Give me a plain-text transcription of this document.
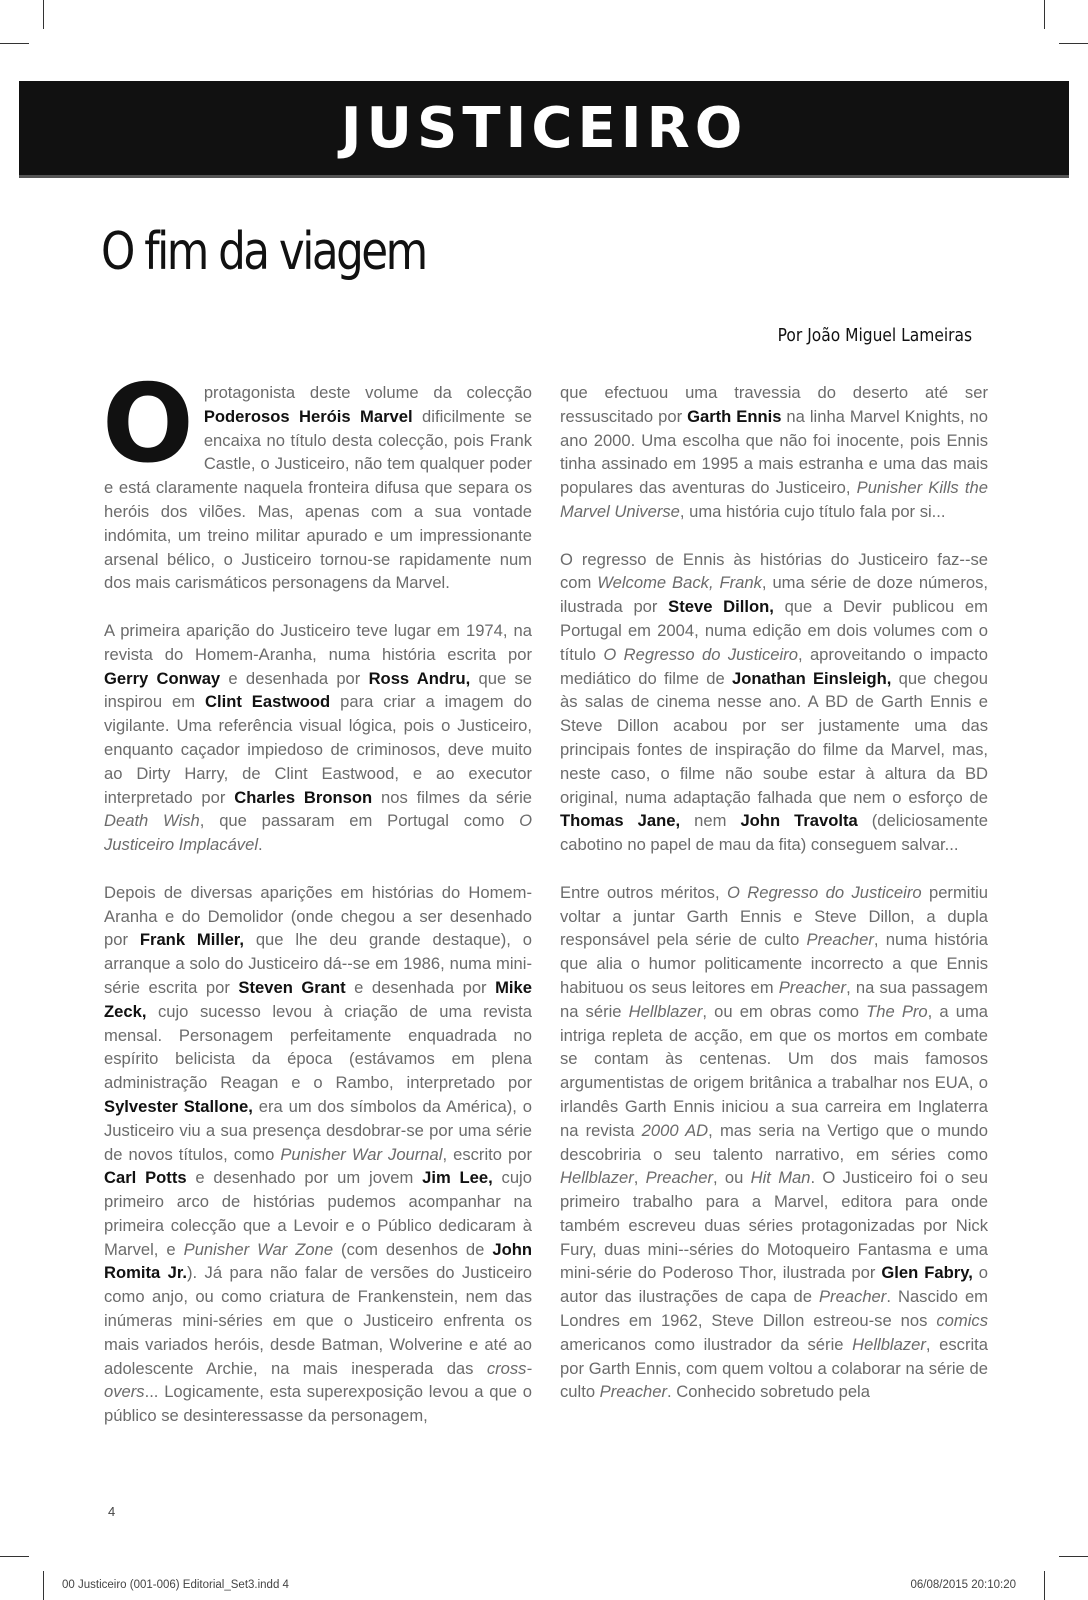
JUSTICEIRO
O fim da viagem
Por João Miguel Lameiras
O protagonista deste volume da colecção Poderosos Heróis Marvel dificilmente se encaixa no título desta colecção, pois Frank Castle, o Justiceiro, não tem qualquer poder e está claramente naquela fronteira difusa que separa os heróis dos vilões. Mas, apenas com a sua vontade indómita, um treino militar apurado e um impressionante arsenal bélico, o Justiceiro tornou-se rapidamente num dos mais carismáticos personagens da Marvel.

A primeira aparição do Justiceiro teve lugar em 1974, na revista do Homem-Aranha, numa história escrita por Gerry Conway e desenhada por Ross Andru, que se inspirou em Clint Eastwood para criar a imagem do vigilante. Uma referência visual lógica, pois o Justiceiro, enquanto caçador impiedoso de criminosos, deve muito ao Dirty Harry, de Clint Eastwood, e ao executor interpretado por Charles Bronson nos filmes da série Death Wish, que passaram em Portugal como O Justiceiro Implacável.

Depois de diversas aparições em histórias do Homem-Aranha e do Demolidor (onde chegou a ser desenhado por Frank Miller, que lhe deu grande destaque), o arranque a solo do Justiceiro dá--se em 1986, numa mini-série escrita por Steven Grant e desenhada por Mike Zeck, cujo sucesso levou à criação de uma revista mensal. Personagem perfeitamente enquadrada no espírito belicista da época (estávamos em plena administração Reagan e o Rambo, interpretado por Sylvester Stallone, era um dos símbolos da América), o Justiceiro viu a sua presença desdobrar-se por uma série de novos títulos, como Punisher War Journal, escrito por Carl Potts e desenhado por um jovem Jim Lee, cujo primeiro arco de histórias pudemos acompanhar na primeira colecção que a Levoir e o Público dedicaram à Marvel, e Punisher War Zone (com desenhos de John Romita Jr.). Já para não falar de versões do Justiceiro como anjo, ou como criatura de Frankenstein, nem das inúmeras mini-séries em que o Justiceiro enfrenta os mais variados heróis, desde Batman, Wolverine e até ao adolescente Archie, na mais inesperada das cross-overs... Logicamente, esta superexposição levou a que o público se desinteressasse da personagem,

que efectuou uma travessia do deserto até ser ressuscitado por Garth Ennis na linha Marvel Knights, no ano 2000. Uma escolha que não foi inocente, pois Ennis tinha assinado em 1995 a mais estranha e uma das mais populares das aventuras do Justiceiro, Punisher Kills the Marvel Universe, uma história cujo título fala por si...

O regresso de Ennis às histórias do Justiceiro faz--se com Welcome Back, Frank, uma série de doze números, ilustrada por Steve Dillon, que a Devir publicou em Portugal em 2004, numa edição em dois volumes com o título O Regresso do Justiceiro, aproveitando o impacto mediático do filme de Jonathan Einsleigh, que chegou às salas de cinema nesse ano. A BD de Garth Ennis e Steve Dillon acabou por ser justamente uma das principais fontes de inspiração do filme da Marvel, mas, neste caso, o filme não soube estar à altura da BD original, numa adaptação falhada que nem o esforço de Thomas Jane, nem John Travolta (deliciosamente cabotino no papel de mau da fita) conseguem salvar...

Entre outros méritos, O Regresso do Justiceiro permitiu voltar a juntar Garth Ennis e Steve Dillon, a dupla responsável pela série de culto Preacher, numa história que alia o humor politicamente incorrecto a que Ennis habituou os seus leitores em Preacher, na sua passagem na série Hellblazer, ou em obras como The Pro, a uma intriga repleta de acção, em que os mortos em combate se contam às centenas. Um dos mais famosos argumentistas de origem britânica a trabalhar nos EUA, o irlandês Garth Ennis iniciou a sua carreira em Inglaterra na revista 2000 AD, mas seria na Vertigo que o mundo descobriria o seu talento narrativo, em séries como Hellblazer, Preacher, ou Hit Man. O Justiceiro foi o seu primeiro trabalho para a Marvel, editora para onde também escreveu duas séries protagonizadas por Nick Fury, duas mini--séries do Motoqueiro Fantasma e uma mini-série do Poderoso Thor, ilustrada por Glen Fabry, o autor das ilustrações de capa de Preacher. Nascido em Londres em 1962, Steve Dillon estreou-se nos comics americanos como ilustrador da série Hellblazer, escrita por Garth Ennis, com quem voltou a colaborar na série de culto Preacher. Conhecido sobretudo pela

4
00 Justiceiro (001-006) Editorial_Set3.indd 4	06/08/2015 20:10:20
